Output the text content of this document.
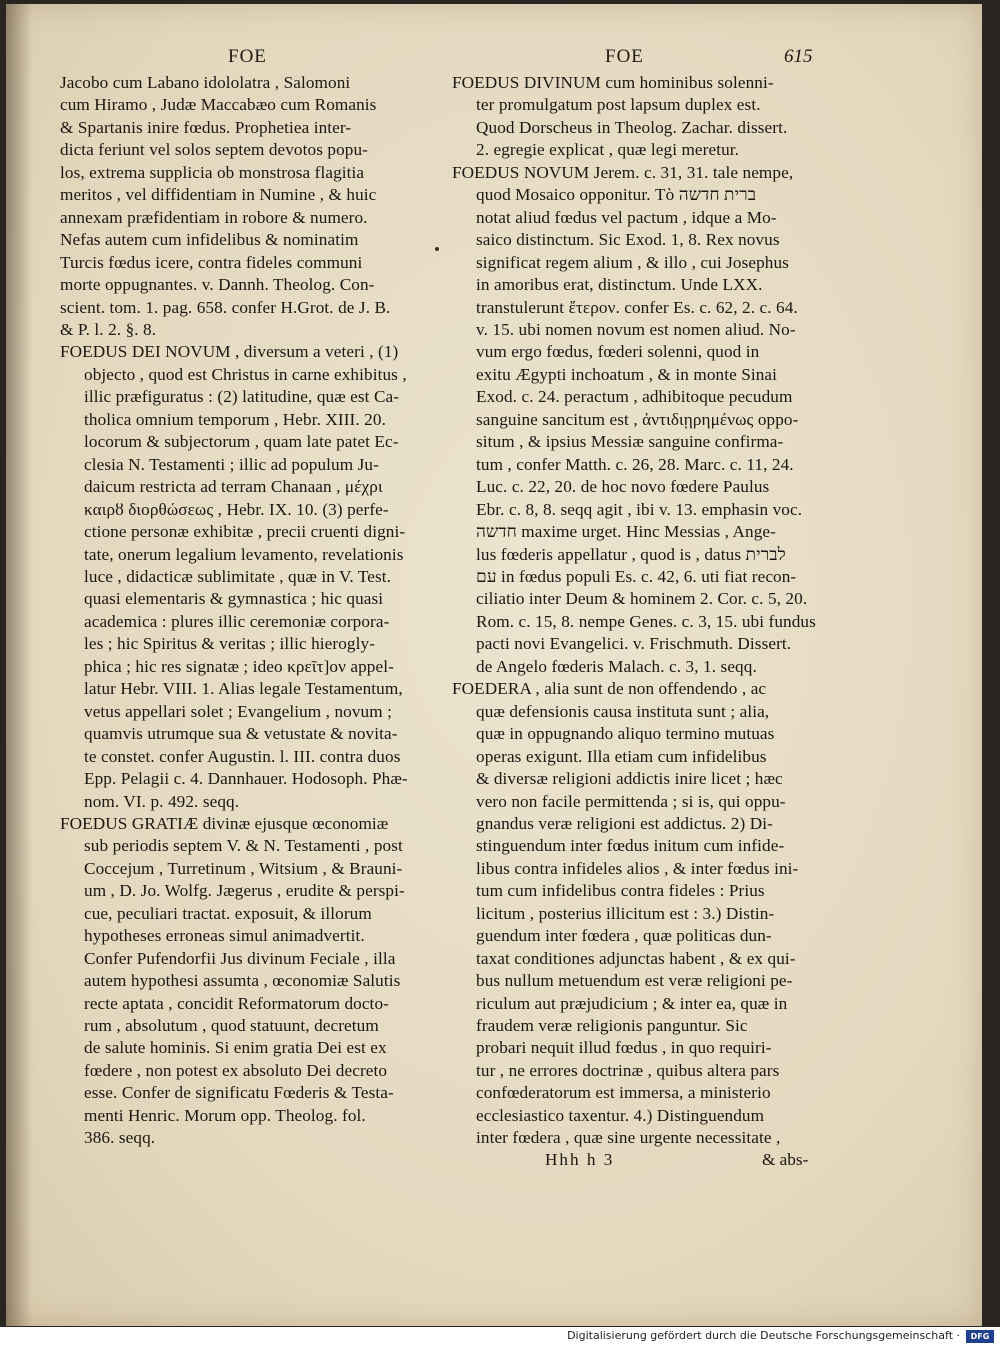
FOE	FOE	615
Jacobo cum Labano idololatra , Salomoni
cum Hiramo , Judæ Maccabæo cum Romanis
& Spartanis inire fœdus. Prophetiea inter-
dicta feriunt vel solos septem devotos popu-
los, extrema supplicia ob monstrosa flagitia
meritos , vel diffidentiam in Numine , & huic
annexam præfidentiam in robore & numero.
Nefas autem cum infidelibus & nominatim
Turcis fœdus icere, contra fideles communi
morte oppugnantes. v. Dannh. Theolog. Con-
scient. tom. 1. pag. 658. confer H.Grot. de J. B.
& P. l. 2. §. 8.
FOEDUS DEI NOVUM , diversum a veteri , (1)
objecto , quod est Christus in carne exhibitus ,
illic præfiguratus : (2) latitudine, quæ est Ca-
tholica omnium temporum , Hebr. XIII. 20.
locorum & subjectorum , quam late patet Ec-
clesia N. Testamenti ; illic ad populum Ju-
daicum restricta ad terram Chanaan , μέχρι
καιρȣ διορθώσεως , Hebr. IX. 10. (3) perfe-
ctione personæ exhibitæ , precii cruenti digni-
tate, onerum legalium levamento, revelationis
luce , didacticæ sublimitate , quæ in V. Test.
quasi elementaris & gymnastica ; hic quasi
academica : plures illic ceremoniæ corpora-
les ; hic Spiritus & veritas ; illic hierogly-
phica ; hic res signatæ ; ideo κρεῖτ]ον appel-
latur Hebr. VIII. 1. Alias legale Testamentum,
vetus appellari solet ; Evangelium , novum ;
quamvis utrumque sua & vetustate & novita-
te constet. confer Augustin. l. III. contra duos
Epp. Pelagii c. 4. Dannhauer. Hodosoph. Phæ-
nom. VI. p. 492. seqq.
FOEDUS GRATIÆ divinæ ejusque œconomiæ
sub periodis septem V. & N. Testamenti , post
Coccejum , Turretinum , Witsium , & Brauni-
um , D. Jo. Wolfg. Jægerus , erudite & perspi-
cue, peculiari tractat. exposuit, & illorum
hypotheses erroneas simul animadvertit.
Confer Pufendorfii Jus divinum Feciale , illa
autem hypothesi assumta , œconomiæ Salutis
recte aptata , concidit Reformatorum docto-
rum , absolutum , quod statuunt, decretum
de salute hominis. Si enim gratia Dei est ex
fœdere , non potest ex absoluto Dei decreto
esse. Confer de significatu Fœderis & Testa-
menti Henric. Morum opp. Theolog. fol.
386. seqq.
FOEDUS DIVINUM cum hominibus solenni-
ter promulgatum post lapsum duplex est.
Quod Dorscheus in Theolog. Zachar. dissert.
2. egregie explicat , quæ legi meretur.
FOEDUS NOVUM Jerem. c. 31, 31. tale nempe,
quod Mosaico opponitur. Τὸ ברית חדשה
notat aliud fœdus vel pactum , idque a Mo-
saico distinctum. Sic Exod. 1, 8. Rex novus
significat regem alium , & illo , cui Josephus
in amoribus erat, distinctum. Unde LXX.
transtulerunt ἕτερον. confer Es. c. 62, 2. c. 64.
v. 15. ubi nomen novum est nomen aliud. No-
vum ergo fœdus, fœderi solenni, quod in
exitu Ægypti inchoatum , & in monte Sinai
Exod. c. 24. peractum , adhibitoque pecudum
sanguine sancitum est , ἀντιδιῃρημένως oppo-
situm , & ipsius Messiæ sanguine confirma-
tum , confer Matth. c. 26, 28. Marc. c. 11, 24.
Luc. c. 22, 20. de hoc novo fœdere Paulus
Ebr. c. 8, 8. seqq agit , ibi v. 13. emphasin voc.
חדשה maxime urget. Hinc Messias , Ange-
lus fœderis appellatur , quod is , datus לברית
עם in fœdus populi Es. c. 42, 6. uti fiat recon-
ciliatio inter Deum & hominem 2. Cor. c. 5, 20.
Rom. c. 15, 8. nempe Genes. c. 3, 15. ubi fundus
pacti novi Evangelici. v. Frischmuth. Dissert.
de Angelo fœderis Malach. c. 3, 1. seqq.
FOEDERA , alia sunt de non offendendo , ac
quæ defensionis causa instituta sunt ; alia,
quæ in oppugnando aliquo termino mutuas
operas exigunt. Illa etiam cum infidelibus
& diversæ religioni addictis inire licet ; hæc
vero non facile permittenda ; si is, qui oppu-
gnandus veræ religioni est addictus. 2) Di-
stinguendum inter fœdus initum cum infide-
libus contra infideles alios , & inter fœdus ini-
tum cum infidelibus contra fideles : Prius
licitum , posterius illicitum est : 3.) Distin-
guendum inter fœdera , quæ politicas dun-
taxat conditiones adjunctas habent , & ex qui-
bus nullum metuendum est veræ religioni pe-
riculum aut præjudicium ; & inter ea, quæ in
fraudem veræ religionis panguntur. Sic
probari nequit illud fœdus , in quo requiri-
tur , ne errores doctrinæ , quibus altera pars
confœderatorum est immersa, a ministerio
ecclesiastico taxentur. 4.) Distinguendum
inter fœdera , quæ sine urgente necessitate ,
Hhh h 3	& abs-
Digitalisierung gefördert durch die Deutsche Forschungsgemeinschaft ·	DFG
